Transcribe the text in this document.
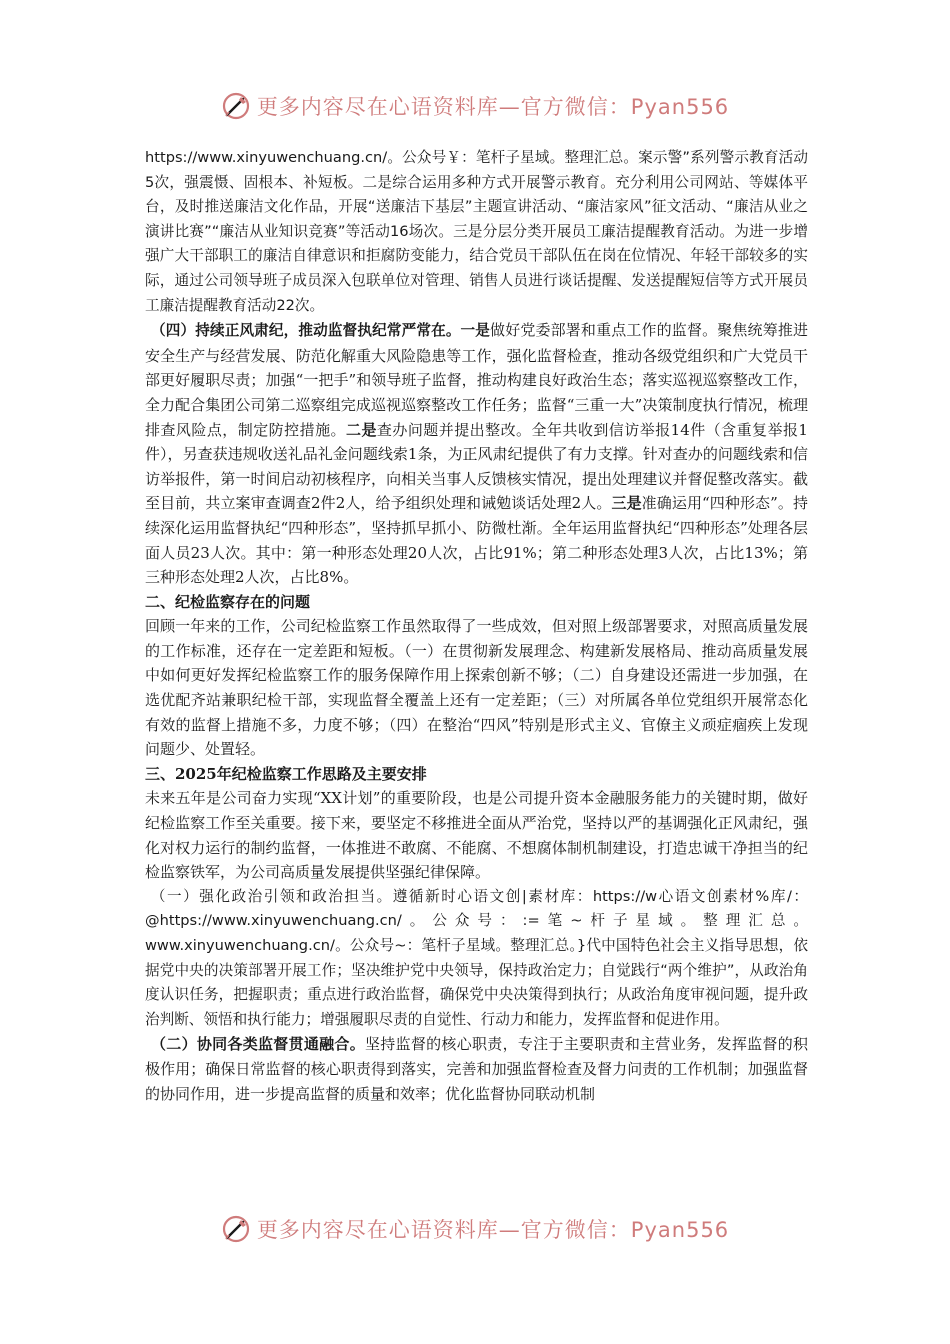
更多内容尽在心语资料库—官方微信：Pyan556

https://www.xinyuwenchuang.cn/。公众号￥：笔杆子星域。整理汇总。案示警”系列警示教育活动5次，强震慑、固根本、补短板。二是综合运用多种方式开展警示教育。充分利用公司网站、等媒体平台，及时推送廉洁文化作品，开展“送廉洁下基层”主题宣讲活动、“廉洁家风”征文活动、“廉洁从业之演讲比赛”“廉洁从业知识竞赛”等活动16场次。三是分层分类开展员工廉洁提醒教育活动。为进一步增强广大干部职工的廉洁自律意识和拒腐防变能力，结合党员干部队伍在岗在位情况、年轻干部较多的实际，通过公司领导班子成员深入包联单位对管理、销售人员进行谈话提醒、发送提醒短信等方式开展员工廉洁提醒教育活动22次。

（四）持续正风肃纪，推动监督执纪常严常在。一是做好党委部署和重点工作的监督。聚焦统筹推进安全生产与经营发展、防范化解重大风险隐患等工作，强化监督检查，推动各级党组织和广大党员干部更好履职尽责；加强“一把手”和领导班子监督，推动构建良好政治生态；落实巡视巡察整改工作，全力配合集团公司第二巡察组完成巡视巡察整改工作任务；监督“三重一大”决策制度执行情况，梳理排查风险点，制定防控措施。二是查办问题并提出整改。全年共收到信访举报14件（含重复举报1件），另查获违规收送礼品礼金问题线索1条，为正风肃纪提供了有力支撑。针对查办的问题线索和信访举报件，第一时间启动初核程序，向相关当事人反馈核实情况，提出处理建议并督促整改落实。截至目前，共立案审查调查2件2人，给予组织处理和诫勉谈话处理2人。三是准确运用“四种形态”。持续深化运用监督执纪“四种形态”，坚持抓早抓小、防微杜渐。全年运用监督执纪“四种形态”处理各层面人员23人次。其中：第一种形态处理20人次，占比91%；第二种形态处理3人次，占比13%；第三种形态处理2人次，占比8%。

二、纪检监察存在的问题

回顾一年来的工作，公司纪检监察工作虽然取得了一些成效，但对照上级部署要求，对照高质量发展的工作标准，还存在一定差距和短板。（一）在贯彻新发展理念、构建新发展格局、推动高质量发展中如何更好发挥纪检监察工作的服务保障作用上探索创新不够；（二）自身建设还需进一步加强，在选优配齐站兼职纪检干部，实现监督全覆盖上还有一定差距；（三）对所属各单位党组织开展常态化有效的监督上措施不多，力度不够；（四）在整治“四风”特别是形式主义、官僚主义顽症痼疾上发现问题少、处置轻。

三、2025年纪检监察工作思路及主要安排

未来五年是公司奋力实现“XX计划”的重要阶段，也是公司提升资本金融服务能力的关键时期，做好纪检监察工作至关重要。接下来，要坚定不移推进全面从严治党，坚持以严的基调强化正风肃纪，强化对权力运行的制约监督，一体推进不敢腐、不能腐、不想腐体制机制建设，打造忠诚干净担当的纪检监察铁军，为公司高质量发展提供坚强纪律保障。

（一）强化政治引领和政治担当。遵循新时心语文创|素材库：https://w心语文创素材%库/：@https://www.xinyuwenchuang.cn/。公众号：:=笔~杆子星域。整理汇总。www.xinyuwenchuang.cn/。公众号~：笔杆子星域。整理汇总。}代中国特色社会主义指导思想，依据党中央的决策部署开展工作；坚决维护党中央领导，保持政治定力；自觉践行“两个维护”，从政治角度认识任务，把握职责；重点进行政治监督，确保党中央决策得到执行；从政治角度审视问题，提升政治判断、领悟和执行能力；增强履职尽责的自觉性、行动力和能力，发挥监督和促进作用。

（二）协同各类监督贯通融合。坚持监督的核心职责，专注于主要职责和主营业务，发挥监督的积极作用；确保日常监督的核心职责得到落实，完善和加强监督检查及督力问责的工作机制；加强监督的协同作用，进一步提高监督的质量和效率；优化监督协同联动机制

更多内容尽在心语资料库—官方微信：Pyan556
